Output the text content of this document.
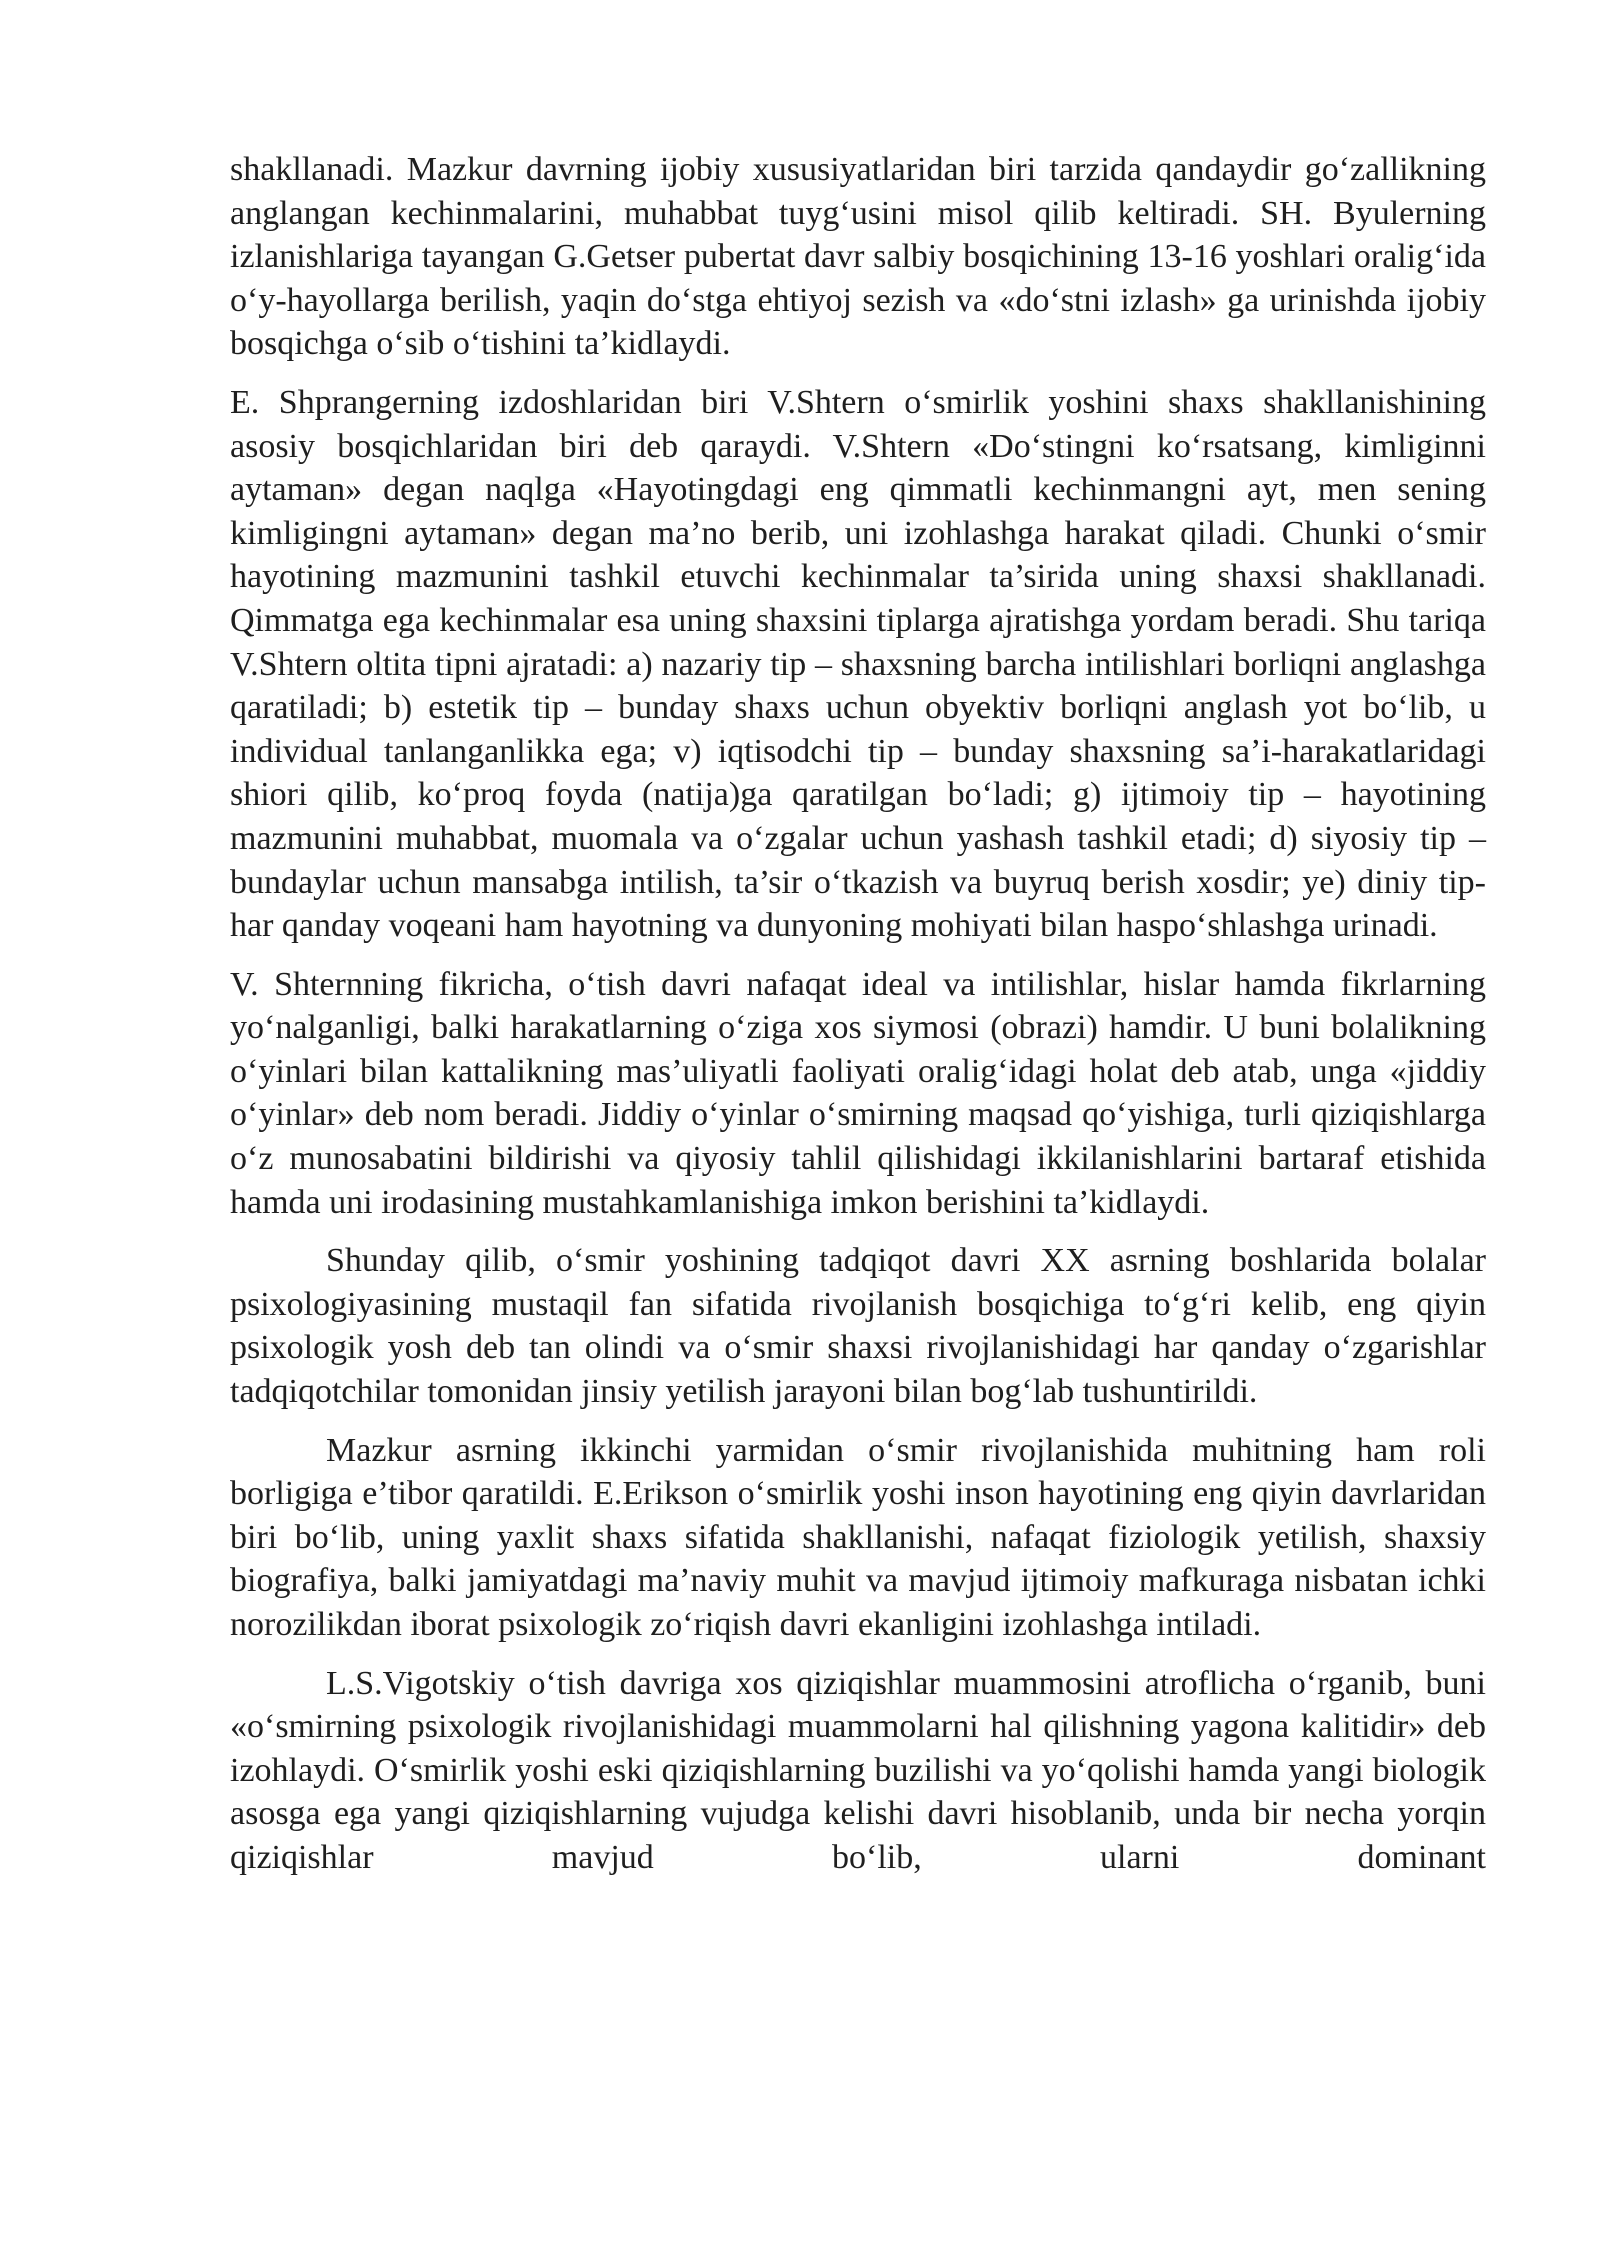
shakllanadi. Mazkur davrning ijobiy xususiyatlaridan biri tarzida qandaydir go‘zallikning anglangan kechinmalarini, muhabbat tuyg‘usini misol qilib keltiradi. SH. Byulerning izlanishlariga tayangan G.Getser pubertat davr salbiy bosqichining 13-16 yoshlari oralig‘ida o‘y-hayollarga berilish, yaqin do‘stga ehtiyoj sezish va «do‘stni izlash» ga urinishda ijobiy bosqichga o‘sib o‘tishini ta’kidlaydi.

E. Shprangerning izdoshlaridan biri V.Shtern o‘smirlik yoshini shaxs shakllanishining asosiy bosqichlaridan biri deb qaraydi. V.Shtern «Do‘stingni ko‘rsatsang, kimliginni aytaman» degan naqlga «Hayotingdagi eng qimmatli kechinmangni ayt, men sening kimligingni aytaman» degan ma’no berib, uni izohlashga harakat qiladi. Chunki o‘smir hayotining mazmunini tashkil etuvchi kechinmalar ta’sirida uning shaxsi shakllanadi. Qimmatga ega kechinmalar esa uning shaxsini tiplarga ajratishga yordam beradi. Shu tariqa V.Shtern oltita tipni ajratadi: a) nazariy tip – shaxsning barcha intilishlari borliqni anglashga qaratiladi; b) estetik tip – bunday shaxs uchun obyektiv borliqni anglash yot bo‘lib, u individual tanlanganlikka ega; v) iqtisodchi tip – bunday shaxsning sa’i-harakatlaridagi shiori qilib, ko‘proq foyda (natija)ga qaratilgan bo‘ladi; g) ijtimoiy tip – hayotining mazmunini muhabbat, muomala va o‘zgalar uchun yashash tashkil etadi; d) siyosiy tip – bundaylar uchun mansabga intilish, ta’sir o‘tkazish va buyruq berish xosdir; ye) diniy tip-har qanday voqeani ham hayotning va dunyoning mohiyati bilan haspo‘shlashga urinadi.

V. Shternning fikricha, o‘tish davri nafaqat ideal va intilishlar, hislar hamda fikrlarning yo‘nalganligi, balki harakatlarning o‘ziga xos siymosi (obrazi) hamdir. U buni bolalikning o‘yinlari bilan kattalikning mas’uliyatli faoliyati oralig‘idagi holat deb atab, unga «jiddiy o‘yinlar» deb nom beradi. Jiddiy o‘yinlar o‘smirning maqsad qo‘yishiga, turli qiziqishlarga o‘z munosabatini bildirishi va qiyosiy tahlil qilishidagi ikkilanishlarini bartaraf etishida hamda uni irodasining mustahkamlanishiga imkon berishini ta’kidlaydi.

Shunday qilib, o‘smir yoshining tadqiqot davri XX asrning boshlarida bolalar psixologiyasining mustaqil fan sifatida rivojlanish bosqichiga to‘g‘ri kelib, eng qiyin psixologik yosh deb tan olindi va o‘smir shaxsi rivojlanishidagi har qanday o‘zgarishlar tadqiqotchilar tomonidan jinsiy yetilish jarayoni bilan bog‘lab tushuntirildi.

Mazkur asrning ikkinchi yarmidan o‘smir rivojlanishida muhitning ham roli borligiga e’tibor qaratildi. E.Erikson o‘smirlik yoshi inson hayotining eng qiyin davrlaridan biri bo‘lib, uning yaxlit shaxs sifatida shakllanishi, nafaqat fiziologik yetilish, shaxsiy biografiya, balki jamiyatdagi ma’naviy muhit va mavjud ijtimoiy mafkuraga nisbatan ichki norozilikdan iborat psixologik zo‘riqish davri ekanligini izohlashga intiladi.

L.S.Vigotskiy o‘tish davriga xos qiziqishlar muammosini atroflicha o‘rganib, buni «o‘smirning psixologik rivojlanishidagi muammolarni hal qilishning yagona kalitidir» deb izohlaydi. O‘smirlik yoshi eski qiziqishlarning buzilishi va yo‘qolishi hamda yangi biologik asosga ega yangi qiziqishlarning vujudga kelishi davri hisoblanib, unda bir necha yorqin qiziqishlar mavjud bo‘lib, ularni dominant
